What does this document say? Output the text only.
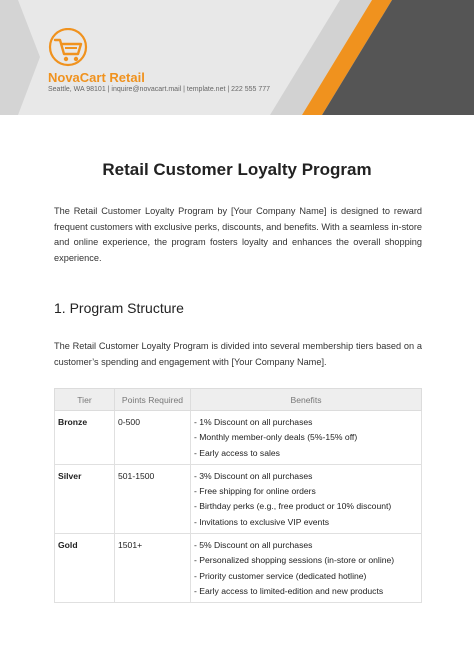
NovaCart Retail
Seattle, WA 98101 | inquire@novacart.mail | template.net | 222 555 777
Retail Customer Loyalty Program

The Retail Customer Loyalty Program by [Your Company Name] is designed to reward frequent customers with exclusive perks, discounts, and benefits. With a seamless in-store and online experience, the program fosters loyalty and enhances the overall shopping experience.

1. Program Structure

The Retail Customer Loyalty Program is divided into several membership tiers based on a customer’s spending and engagement with [Your Company Name].

Tier	Points Required	Benefits
Bronze	0-500	- 1% Discount on all purchases
- Monthly member-only deals (5%-15% off)
- Early access to sales

Silver	501-1500	- 3% Discount on all purchases
- Free shipping for online orders
- Birthday perks (e.g., free product or 10% discount)
- Invitations to exclusive VIP events

Gold	1501+	- 5% Discount on all purchases
- Personalized shopping sessions (in-store or online)
- Priority customer service (dedicated hotline)
- Early access to limited-edition and new products
